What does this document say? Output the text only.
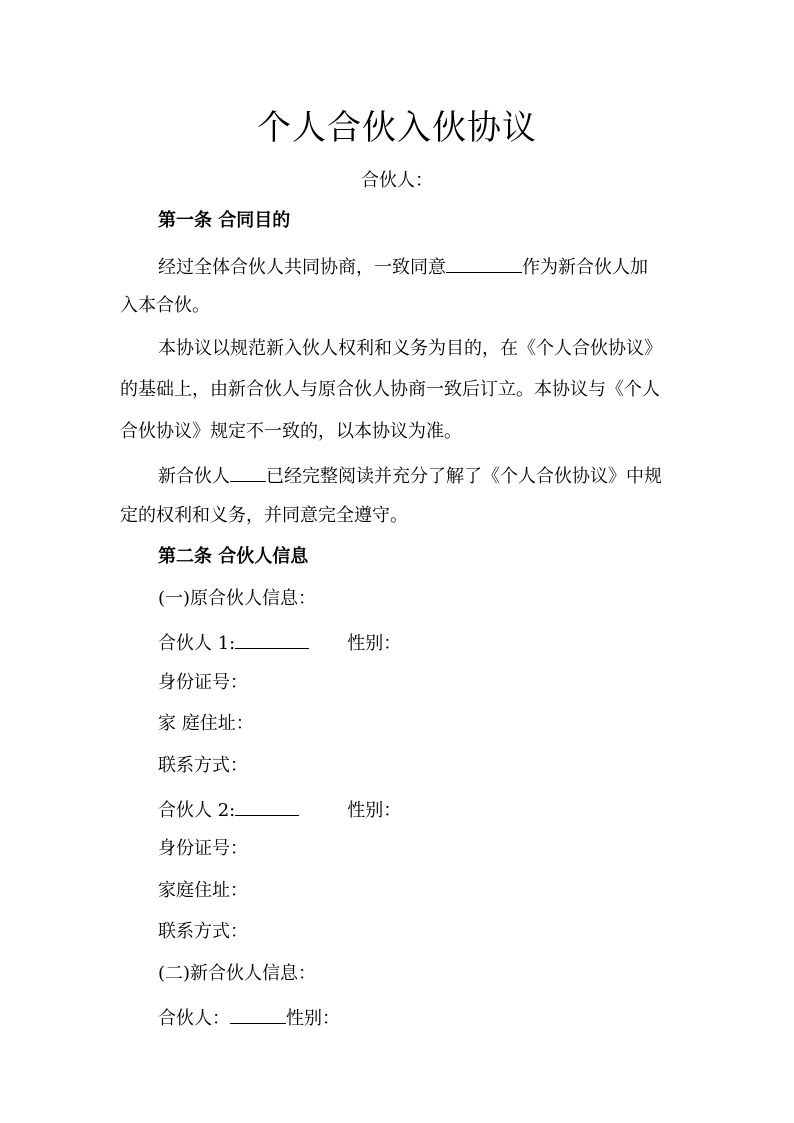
个人合伙入伙协议
合伙人：
第一条 合同目的
经过全体合伙人共同协商，一致同意	作为新合伙人加
入本合伙。
本协议以规范新入伙人权利和义务为目的，在《个人合伙协议》
的基础上，由新合伙人与原合伙人协商一致后订立。本协议与《个人
合伙协议》规定不一致的，以本协议为准。
新合伙人 已经完整阅读并充分了解了《个人合伙协议》中规
定的权利和义务，并同意完全遵守。
第二条 合伙人信息
(一)原合伙人信息：
合伙人 1:	性别：
身份证号：
家 庭住址：
联系方式：
合伙人 2:	性别：
身份证号：
家庭住址：
联系方式：
(二)新合伙人信息：
合伙人：	性别：
